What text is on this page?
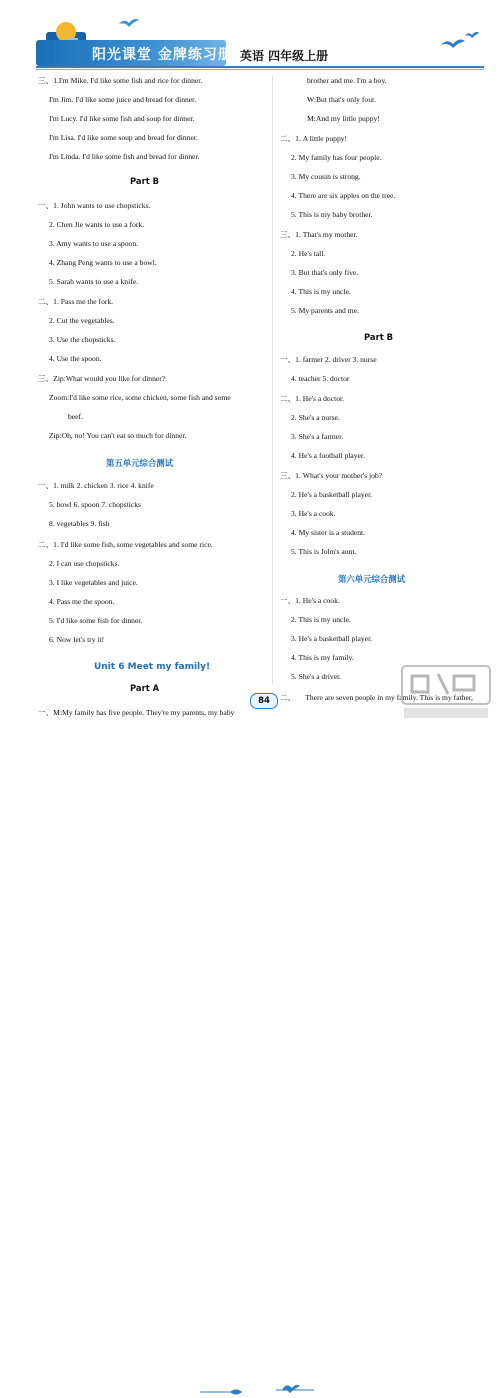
阳光课堂 金牌练习册 英语 四年级上册
三、1.I'm Mike. I'd like some fish and rice for dinner.
I'm Jim. I'd like some juice and bread for dinner.
I'm Lucy. I'd like some fish and soup for dinner.
I'm Lisa. I'd like some soup and bread for dinner.
I'm Linda. I'd like some fish and bread for dinner.
Part B
一、1. John wants to use chopsticks.
2. Chen Jie wants to use a fork.
3. Amy wants to use a spoon.
4. Zhang Peng wants to use a bowl.
5. Sarah wants to use a knife.
二、1. Pass me the fork.
2. Cut the vegetables.
3. Use the chopsticks.
4. Use the spoon.
三、Zip:What would you like for dinner?
Zoom:I'd like some rice, some chicken, some fish and some
beef.
Zip:Oh, no! You can't eat so much for dinner.
第五单元综合测试
一、1. milk 2. chicken 3. rice 4. knife
5. bowl 6. spoon 7. chopsticks
8. vegetables 9. fish
二、1. I'd like some fish, some vegetables and some rice.
2. I can use chopsticks.
3. I like vegetables and juice.
4. Pass me the spoon.
5. I'd like some fish for dinner.
6. Now let's try it!
Unit 6 Meet my family!
Part A
一、M:My family has five people. They're my parents, my baby
brother and me. I'm a boy.
W:But that's only four.
M:And my little puppy!
二、1. A little puppy!
2. My family has four people.
3. My cousin is strong.
4. There are six apples on the tree.
5. This is my baby brother.
三、1. That's my mother.
2. He's tall.
3. But that's only five.
4. This is my uncle.
5. My parents and me.
Part B
一、1. farmer 2. driver 3. nurse
4. teacher 5. doctor
二、1. He's a doctor.
2. She's a nurse.
3. She's a farmer.
4. He's a football player.
三、1. What's your mother's job?
2. He's a basketball player.
3. He's a cook.
4. My sister is a student.
5. This is John's aunt.
第六单元综合测试
一、1. He's a cook.
2. This is my uncle.
3. He's a basketball player.
4. This is my family.
5. She's a driver.
二、 There are seven people in my family. This is my father,
84
